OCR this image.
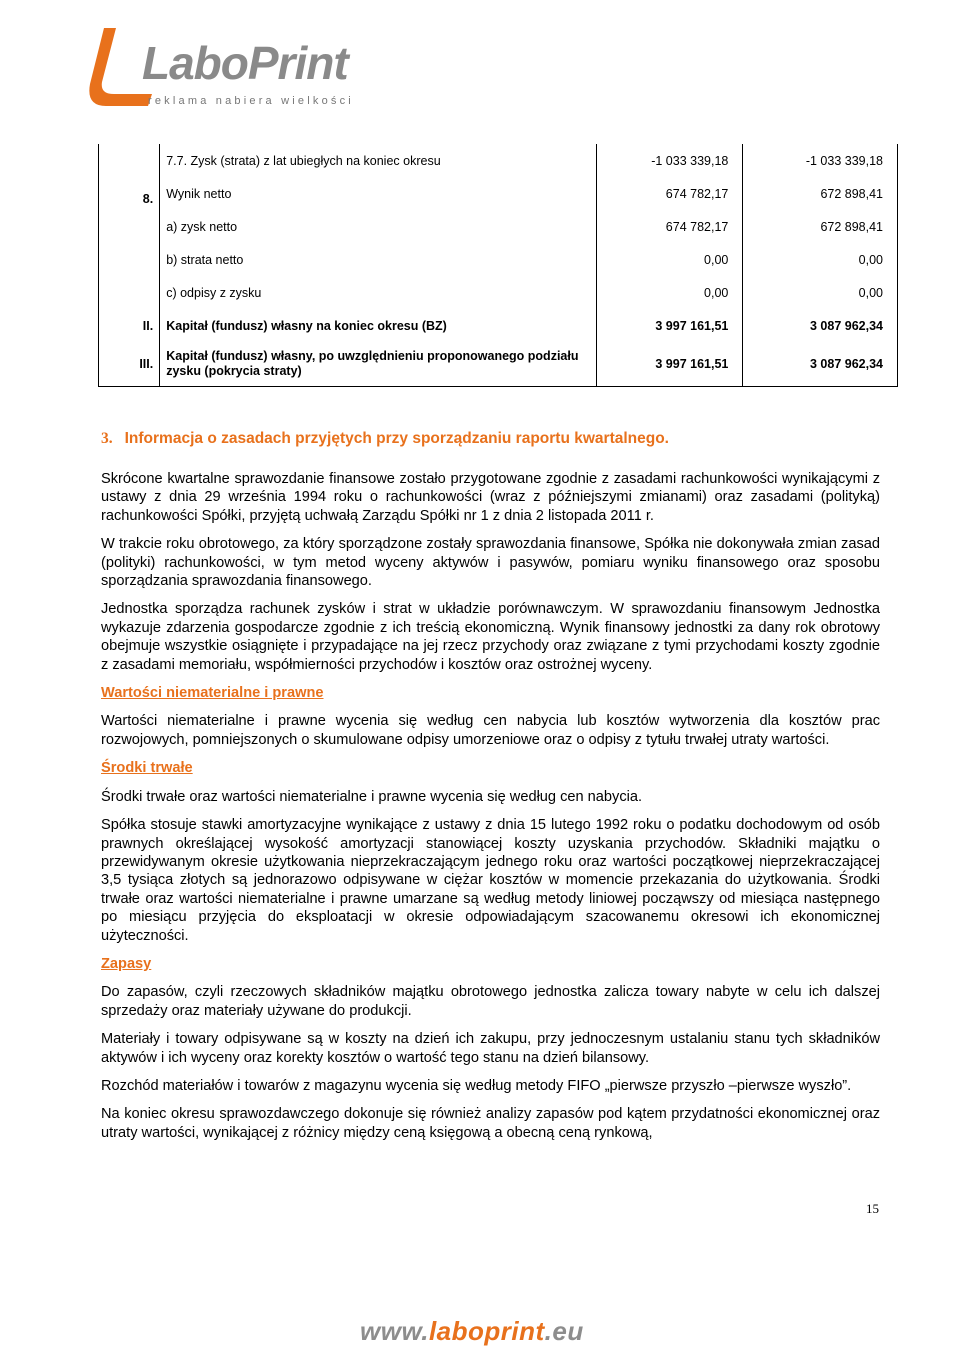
LaboPrint
reklama nabiera wielkości
	7.7. Zysk (strata) z lat ubiegłych na koniec okresu	-1 033 339,18	-1 033 339,18
8.	Wynik netto	674 782,17	672 898,41
	a) zysk netto	674 782,17	672 898,41
	b) strata netto	0,00	0,00
	c) odpisy z zysku	0,00	0,00
II.	Kapitał (fundusz) własny na koniec okresu (BZ)	3 997 161,51	3 087 962,34
III.	Kapitał (fundusz) własny, po uwzględnieniu proponowanego podziału zysku (pokrycia straty)	3 997 161,51	3 087 962,34
3. Informacja o zasadach przyjętych przy sporządzaniu raportu kwartalnego.

Skrócone kwartalne sprawozdanie finansowe zostało przygotowane zgodnie z zasadami rachunkowości wynikającymi z ustawy z dnia 29 września 1994 roku o rachunkowości (wraz z późniejszymi zmianami) oraz zasadami (polityką) rachunkowości Spółki, przyjętą uchwałą Zarządu Spółki nr 1 z dnia 2 listopada 2011 r.

W trakcie roku obrotowego, za który sporządzone zostały sprawozdania finansowe, Spółka nie dokonywała zmian zasad (polityki) rachunkowości, w tym metod wyceny aktywów i pasywów, pomiaru wyniku finansowego oraz sposobu sporządzania sprawozdania finansowego.

Jednostka sporządza rachunek zysków i strat w układzie porównawczym. W sprawozdaniu finansowym Jednostka wykazuje zdarzenia gospodarcze zgodnie z ich treścią ekonomiczną. Wynik finansowy jednostki za dany rok obrotowy obejmuje wszystkie osiągnięte i przypadające na jej rzecz przychody oraz związane z tymi przychodami koszty zgodnie z zasadami memoriału, współmierności przychodów i kosztów oraz ostrożnej wyceny.

Wartości niematerialne i prawne

Wartości niematerialne i prawne wycenia się według cen nabycia lub kosztów wytworzenia dla kosztów prac rozwojowych, pomniejszonych o skumulowane odpisy umorzeniowe oraz o odpisy z tytułu trwałej utraty wartości.

Środki trwałe

Środki trwałe oraz wartości niematerialne i prawne wycenia się według cen nabycia.

Spółka stosuje stawki amortyzacyjne wynikające z ustawy z dnia 15 lutego 1992 roku o podatku dochodowym od osób prawnych określającej wysokość amortyzacji stanowiącej koszty uzyskania przychodów. Składniki majątku o przewidywanym okresie użytkowania nieprzekraczającym jednego roku oraz wartości początkowej nieprzekraczającej 3,5 tysiąca złotych są jednorazowo odpisywane w ciężar kosztów w momencie przekazania do użytkowania. Środki trwałe oraz wartości niematerialne i prawne umarzane są według metody liniowej począwszy od miesiąca następnego po miesiącu przyjęcia do eksploatacji w okresie odpowiadającym szacowanemu okresowi ich ekonomicznej użyteczności.

Zapasy

Do zapasów, czyli rzeczowych składników majątku obrotowego jednostka zalicza towary nabyte w celu ich dalszej sprzedaży oraz materiały używane do produkcji.

Materiały i towary odpisywane są w koszty na dzień ich zakupu, przy jednoczesnym ustalaniu stanu tych składników aktywów i ich wyceny oraz korekty kosztów o wartość tego stanu na dzień bilansowy.

Rozchód materiałów i towarów z magazynu wycenia się według metody FIFO „pierwsze przyszło –pierwsze wyszło”.

Na koniec okresu sprawozdawczego dokonuje się również analizy zapasów pod kątem przydatności ekonomicznej oraz utraty wartości, wynikającej z różnicy między ceną księgową a obecną ceną rynkową,

15
www.laboprint.eu
